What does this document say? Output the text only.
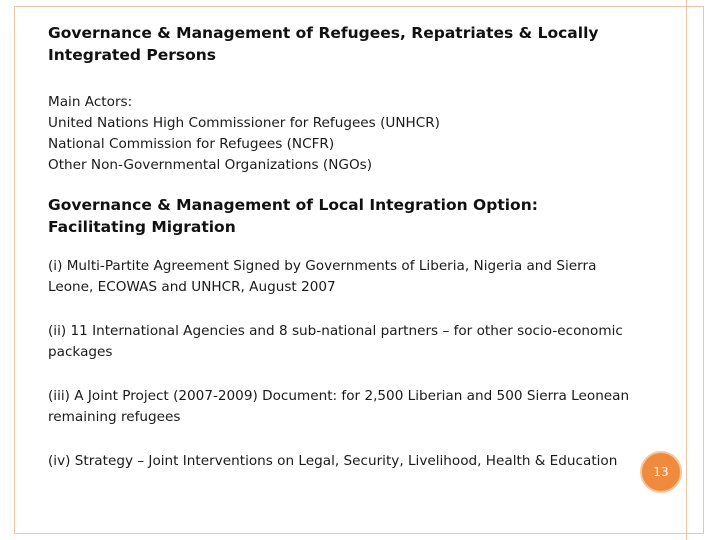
Governance & Management of Refugees, Repatriates & Locally Integrated Persons

Main Actors:

United Nations High Commissioner for Refugees (UNHCR)

National Commission for Refugees (NCFR)

Other Non-Governmental Organizations (NGOs)

Governance & Management of Local Integration Option: Facilitating Migration

(i) Multi-Partite Agreement Signed by Governments of Liberia, Nigeria and Sierra Leone, ECOWAS and UNHCR, August 2007

(ii) 11 International Agencies and 8 sub-national partners – for other socio-economic packages

(iii) A Joint Project (2007-2009) Document: for 2,500 Liberian and 500 Sierra Leonean remaining refugees

(iv) Strategy – Joint Interventions on Legal, Security, Livelihood, Health & Education

13
